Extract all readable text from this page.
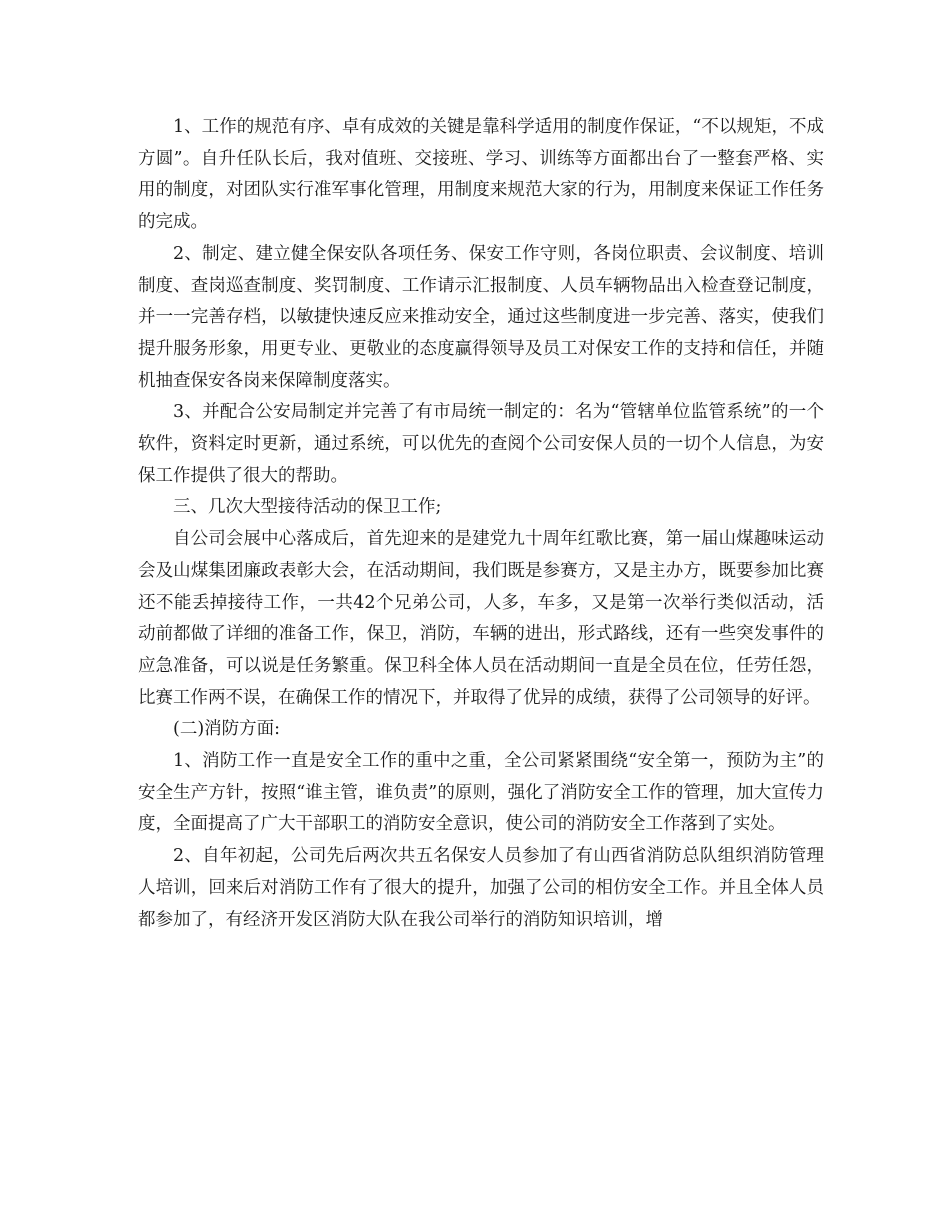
1、工作的规范有序、卓有成效的关键是靠科学适用的制度作保证，“不以规矩，不成方圆”。自升任队长后，我对值班、交接班、学习、训练等方面都出台了一整套严格、实用的制度，对团队实行准军事化管理，用制度来规范大家的行为，用制度来保证工作任务的完成。

2、制定、建立健全保安队各项任务、保安工作守则，各岗位职责、会议制度、培训制度、查岗巡查制度、奖罚制度、工作请示汇报制度、人员车辆物品出入检查登记制度，并一一完善存档，以敏捷快速反应来推动安全，通过这些制度进一步完善、落实，使我们提升服务形象，用更专业、更敬业的态度赢得领导及员工对保安工作的支持和信任，并随机抽查保安各岗来保障制度落实。

3、并配合公安局制定并完善了有市局统一制定的：名为“管辖单位监管系统”的一个软件，资料定时更新，通过系统，可以优先的查阅个公司安保人员的一切个人信息，为安保工作提供了很大的帮助。

三、几次大型接待活动的保卫工作;

自公司会展中心落成后，首先迎来的是建党九十周年红歌比赛，第一届山煤趣味运动会及山煤集团廉政表彰大会，在活动期间，我们既是参赛方，又是主办方，既要参加比赛还不能丢掉接待工作，一共42个兄弟公司，人多，车多，又是第一次举行类似活动，活动前都做了详细的准备工作，保卫，消防，车辆的进出，形式路线，还有一些突发事件的应急准备，可以说是任务繁重。保卫科全体人员在活动期间一直是全员在位，任劳任怨，比赛工作两不误，在确保工作的情况下，并取得了优异的成绩，获得了公司领导的好评。

(二)消防方面:

1、消防工作一直是安全工作的重中之重，全公司紧紧围绕“安全第一，预防为主”的安全生产方针，按照“谁主管，谁负责”的原则，强化了消防安全工作的管理，加大宣传力度，全面提高了广大干部职工的消防安全意识，使公司的消防安全工作落到了实处。

2、自年初起，公司先后两次共五名保安人员参加了有山西省消防总队组织消防管理人培训，回来后对消防工作有了很大的提升，加强了公司的相仿安全工作。并且全体人员都参加了，有经济开发区消防大队在我公司举行的消防知识培训，增
